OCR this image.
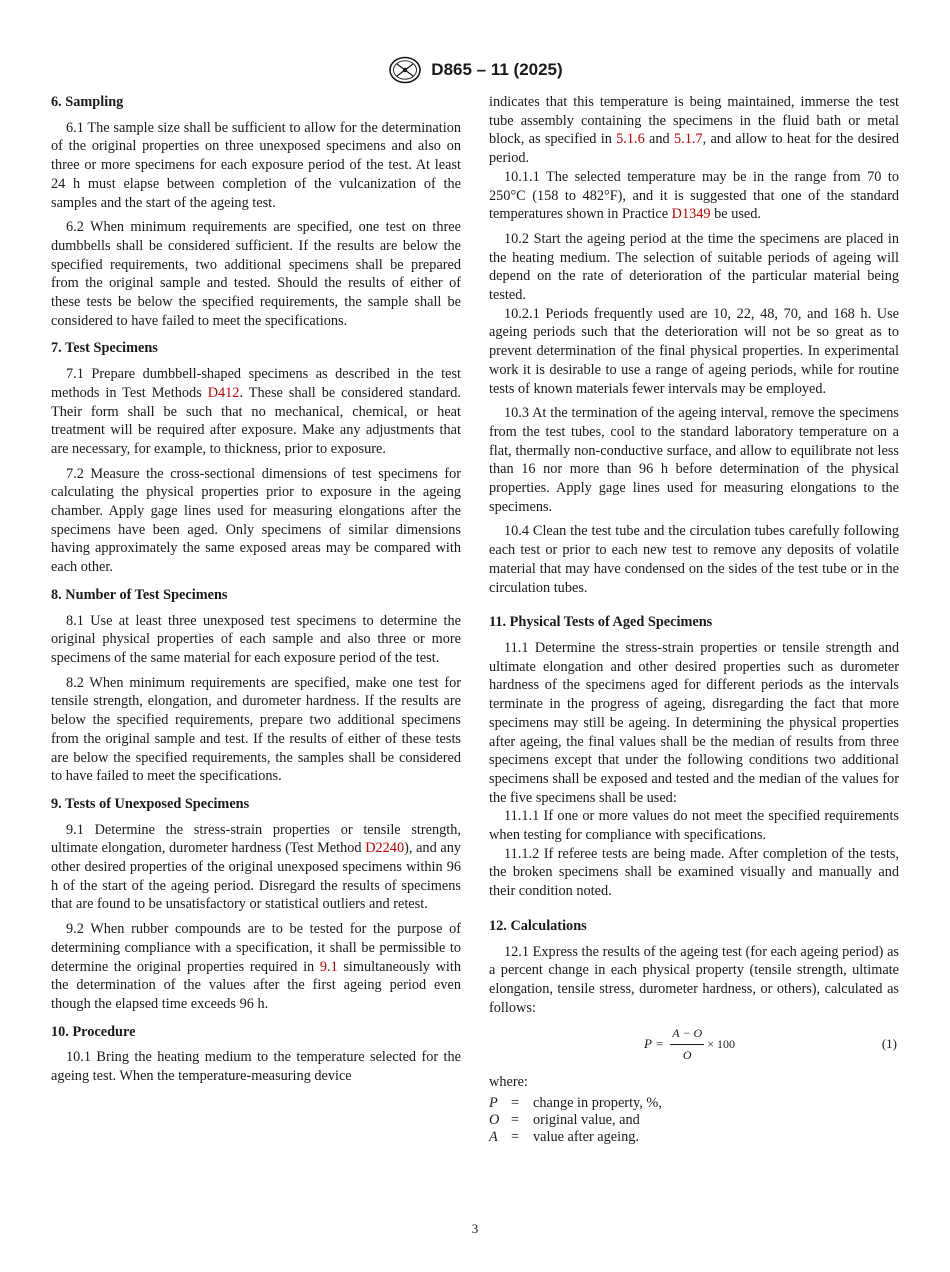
D865 – 11 (2025)
6. Sampling

6.1 The sample size shall be sufficient to allow for the determination of the original properties on three unexposed specimens and also on three or more specimens for each exposure period of the test. At least 24 h must elapse between completion of the vulcanization of the samples and the start of the ageing test.

6.2 When minimum requirements are specified, one test on three dumbbells shall be considered sufficient. If the results are below the specified requirements, two additional specimens shall be prepared from the original sample and tested. Should the results of either of these tests be below the specified requirements, the sample shall be considered to have failed to meet the specifications.

7. Test Specimens

7.1 Prepare dumbbell-shaped specimens as described in the test methods in Test Methods D412. These shall be considered standard. Their form shall be such that no mechanical, chemical, or heat treatment will be required after exposure. Make any adjustments that are necessary, for example, to thickness, prior to exposure.

7.2 Measure the cross-sectional dimensions of test specimens for calculating the physical properties prior to exposure in the ageing chamber. Apply gage lines used for measuring elongations after the specimens have been aged. Only specimens of similar dimensions having approximately the same exposed areas may be compared with each other.

8. Number of Test Specimens

8.1 Use at least three unexposed test specimens to determine the original physical properties of each sample and also three or more specimens of the same material for each exposure period of the test.

8.2 When minimum requirements are specified, make one test for tensile strength, elongation, and durometer hardness. If the results are below the specified requirements, prepare two additional specimens from the original sample and test. If the results of either of these tests are below the specified requirements, the samples shall be considered to have failed to meet the specifications.

9. Tests of Unexposed Specimens

9.1 Determine the stress-strain properties or tensile strength, ultimate elongation, durometer hardness (Test Method D2240), and any other desired properties of the original unexposed specimens within 96 h of the start of the ageing period. Disregard the results of specimens that are found to be unsatisfactory or statistical outliers and retest.

9.2 When rubber compounds are to be tested for the purpose of determining compliance with a specification, it shall be permissible to determine the original properties required in 9.1 simultaneously with the determination of the values after the first ageing period even though the elapsed time exceeds 96 h.

10. Procedure

10.1 Bring the heating medium to the temperature selected for the ageing test. When the temperature-measuring device

indicates that this temperature is being maintained, immerse the test tube assembly containing the specimens in the fluid bath or metal block, as specified in 5.1.6 and 5.1.7, and allow to heat for the desired period.

10.1.1 The selected temperature may be in the range from 70 to 250°C (158 to 482°F), and it is suggested that one of the standard temperatures shown in Practice D1349 be used.

10.2 Start the ageing period at the time the specimens are placed in the heating medium. The selection of suitable periods of ageing will depend on the rate of deterioration of the particular material being tested.

10.2.1 Periods frequently used are 10, 22, 48, 70, and 168 h. Use ageing periods such that the deterioration will not be so great as to prevent determination of the final physical properties. In experimental work it is desirable to use a range of ageing periods, while for routine tests of known materials fewer intervals may be employed.

10.3 At the termination of the ageing interval, remove the specimens from the test tubes, cool to the standard laboratory temperature on a flat, thermally non-conductive surface, and allow to equilibrate not less than 16 nor more than 96 h before determination of the physical properties. Apply gage lines used for measuring elongations to the specimens.

10.4 Clean the test tube and the circulation tubes carefully following each test or prior to each new test to remove any deposits of volatile material that may have condensed on the sides of the test tube or in the circulation tubes.

11. Physical Tests of Aged Specimens

11.1 Determine the stress-strain properties or tensile strength and ultimate elongation and other desired properties such as durometer hardness of the specimens aged for different periods as the intervals terminate in the progress of ageing, disregarding the fact that more specimens may still be ageing. In determining the physical properties after ageing, the final values shall be the median of results from three specimens except that under the following conditions two additional specimens shall be exposed and tested and the median of the values for the five specimens shall be used:

11.1.1 If one or more values do not meet the specified requirements when testing for compliance with specifications.

11.1.2 If referee tests are being made. After completion of the tests, the broken specimens shall be examined visually and manually and their condition noted.

12. Calculations

12.1 Express the results of the ageing test (for each ageing period) as a percent change in each physical property (tensile strength, ultimate elongation, tensile stress, durometer hardness, or others), calculated as follows:

$P = \frac{A - O}{O} \times 100$	(1)

where:

P = change in property, %,
O = original value, and
A = value after ageing.
3
